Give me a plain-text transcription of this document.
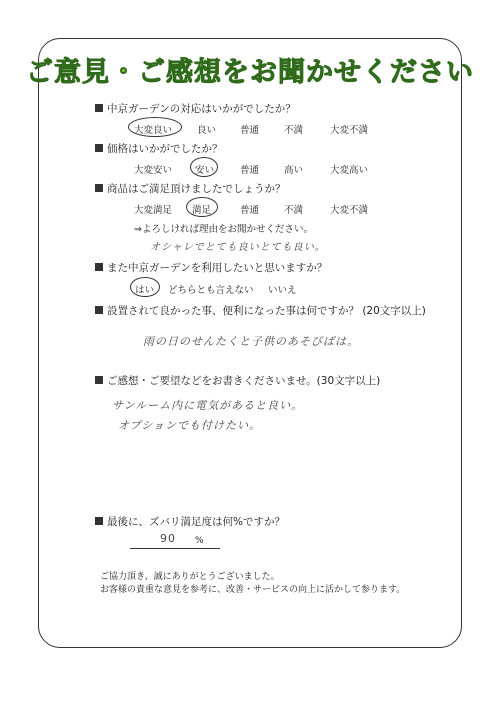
ご意見・ご感想をお聞かせください
中京ガーデンの対応はいかがでしたか？
大変良い	良い	普通	不満	大変不満
価格はいかがでしたか？
大変安い 安い	普通	高い	大変高い
商品はご満足頂けましたでしょうか？
大変満足 満足	普通	不満	大変不満
⇒よろしければ理由をお聞かせください。
オシャレでとても良いとても良い。
また中京ガーデンを利用したいと思いますか？
はい どちらとも言えない いいえ
設置されて良かった事、便利になった事は何ですか？ (20文字以上)
雨の日のせんたくと子供のあそびばは。
ご感想・ご要望などをお書きくださいませ。(30文字以上)
サンルーム内に電気があると良い。
オプションでも付けたい。
最後に、ズバリ満足度は何%ですか？
90 %
ご協力頂き、誠にありがとうございました。
お客様の貴重な意見を参考に、改善・サービスの向上に活かして参ります。
